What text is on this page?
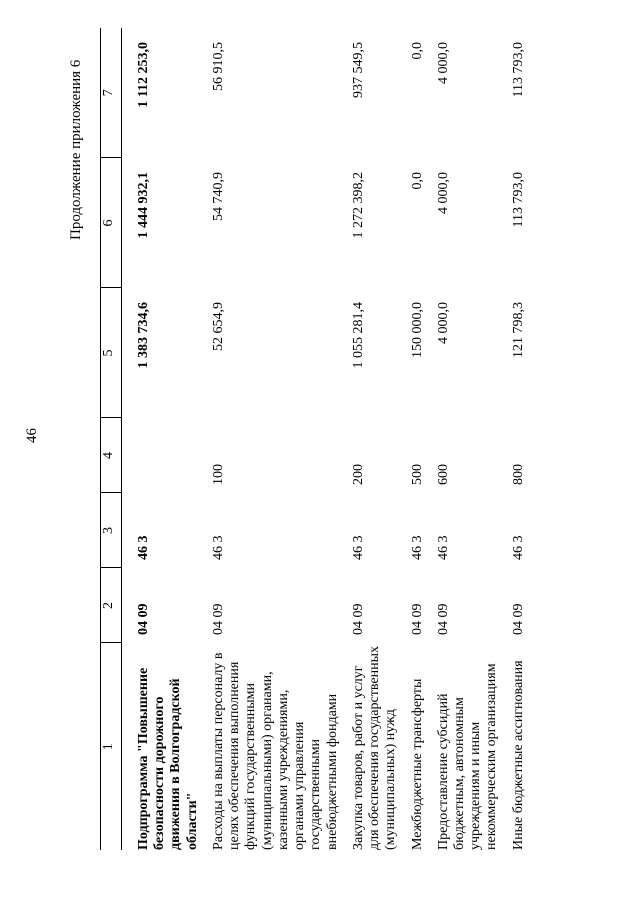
46
Продолжение приложения 6
1	2	3	4	5	6	7
Подпрограмма "Повышение безопасности дорожного движения в Волгоградской области"	04 09	46 3		1 383 734,6	1 444 932,1	1 112 253,0
Расходы на выплаты персоналу в целях обеспечения выполнения функций государственными (муниципальными) органами, казенными учреждениями, органами управления государственными внебюджетными фондами	04 09	46 3	100	52 654,9	54 740,9	56 910,5
Закупка товаров, работ и услуг для обеспечения государственных (муниципальных) нужд	04 09	46 3	200	1 055 281,4	1 272 398,2	937 549,5
Межбюджетные трансферты	04 09	46 3	500	150 000,0	0,0	0,0
Предоставление субсидий бюджетным, автономным учреждениям и иным некоммерческим организациям	04 09	46 3	600	4 000,0	4 000,0	4 000,0
Иные бюджетные ассигнования	04 09	46 3	800	121 798,3	113 793,0	113 793,0
